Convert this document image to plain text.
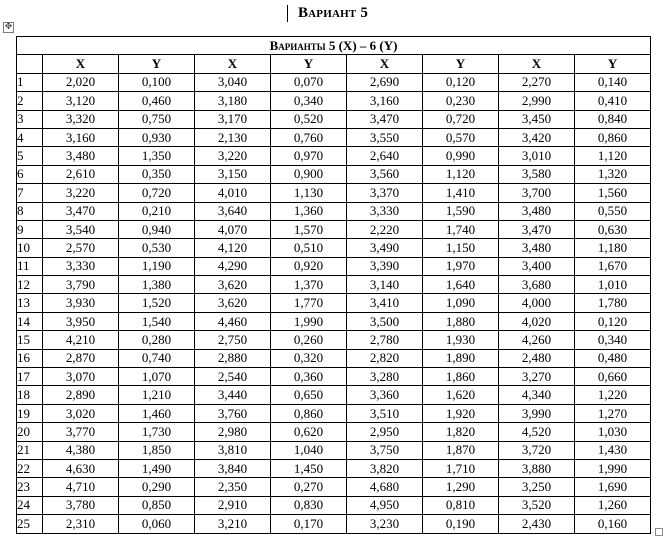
Вариант 5
✥
Варианты 5 (X) – 6 (Y)								
	X	Y	X	Y	X	Y	X	Y
1	2,020	0,100	3,040	0,070	2,690	0,120	2,270	0,140
2	3,120	0,460	3,180	0,340	3,160	0,230	2,990	0,410
3	3,320	0,750	3,170	0,520	3,470	0,720	3,450	0,840
4	3,160	0,930	2,130	0,760	3,550	0,570	3,420	0,860
5	3,480	1,350	3,220	0,970	2,640	0,990	3,010	1,120
6	2,610	0,350	3,150	0,900	3,560	1,120	3,580	1,320
7	3,220	0,720	4,010	1,130	3,370	1,410	3,700	1,560
8	3,470	0,210	3,640	1,360	3,330	1,590	3,480	0,550
9	3,540	0,940	4,070	1,570	2,220	1,740	3,470	0,630
10	2,570	0,530	4,120	0,510	3,490	1,150	3,480	1,180
11	3,330	1,190	4,290	0,920	3,390	1,970	3,400	1,670
12	3,790	1,380	3,620	1,370	3,140	1,640	3,680	1,010
13	3,930	1,520	3,620	1,770	3,410	1,090	4,000	1,780
14	3,950	1,540	4,460	1,990	3,500	1,880	4,020	0,120
15	4,210	0,280	2,750	0,260	2,780	1,930	4,260	0,340
16	2,870	0,740	2,880	0,320	2,820	1,890	2,480	0,480
17	3,070	1,070	2,540	0,360	3,280	1,860	3,270	0,660
18	2,890	1,210	3,440	0,650	3,360	1,620	4,340	1,220
19	3,020	1,460	3,760	0,860	3,510	1,920	3,990	1,270
20	3,770	1,730	2,980	0,620	2,950	1,820	4,520	1,030
21	4,380	1,850	3,810	1,040	3,750	1,870	3,720	1,430
22	4,630	1,490	3,840	1,450	3,820	1,710	3,880	1,990
23	4,710	0,290	2,350	0,270	4,680	1,290	3,250	1,690
24	3,780	0,850	2,910	0,830	4,950	0,810	3,520	1,260
25	2,310	0,060	3,210	0,170	3,230	0,190	2,430	0,160
